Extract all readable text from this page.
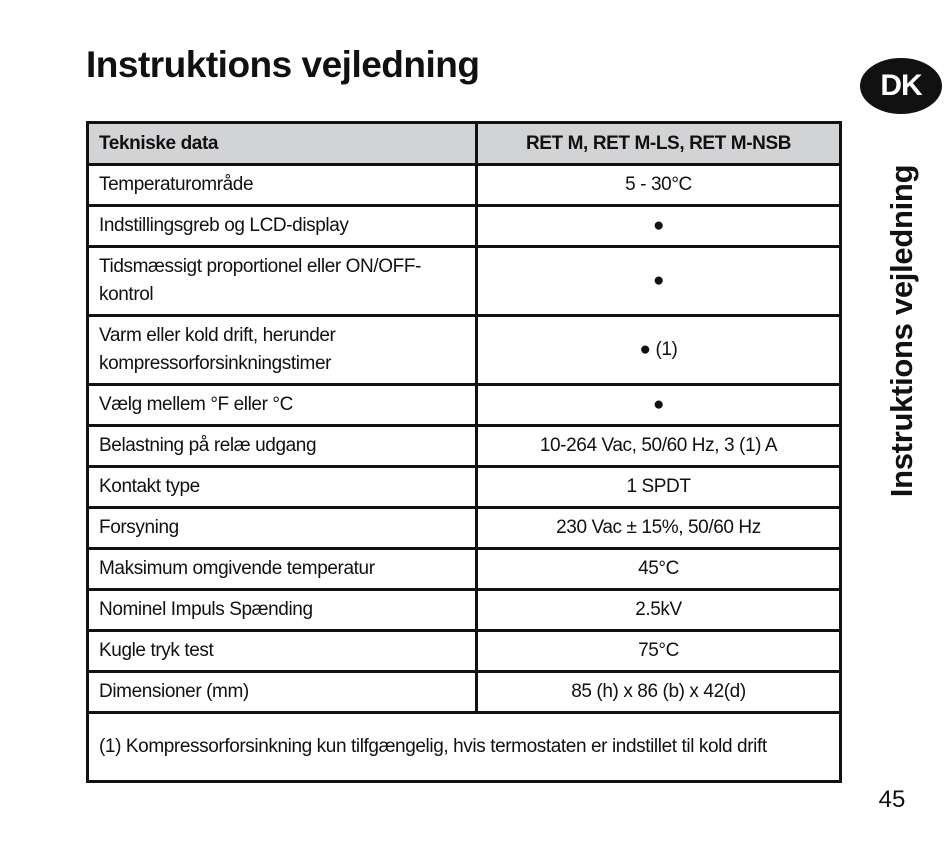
Instruktions vejledning
DK
Instruktions vejledning
Tekniske data	RET M, RET M-LS, RET M-NSB
Temperaturområde	5 - 30°C
Indstillingsgreb og LCD-display	●
Tidsmæssigt proportionel eller ON/OFF-kontrol	●
Varm eller kold drift, herunder kompressorforsinkningstimer	● (1)
Vælg mellem °F eller °C	●
Belastning på relæ udgang	10-264 Vac, 50/60 Hz, 3 (1) A
Kontakt type	1 SPDT
Forsyning	230 Vac ± 15%, 50/60 Hz
Maksimum omgivende temperatur	45°C
Nominel Impuls Spænding	2.5kV
Kugle tryk test	75°C
Dimensioner (mm)	85 (h) x 86 (b) x 42(d)
(1) Kompressorforsinkning kun tilfgængelig, hvis termostaten er indstillet til kold drift	
45
